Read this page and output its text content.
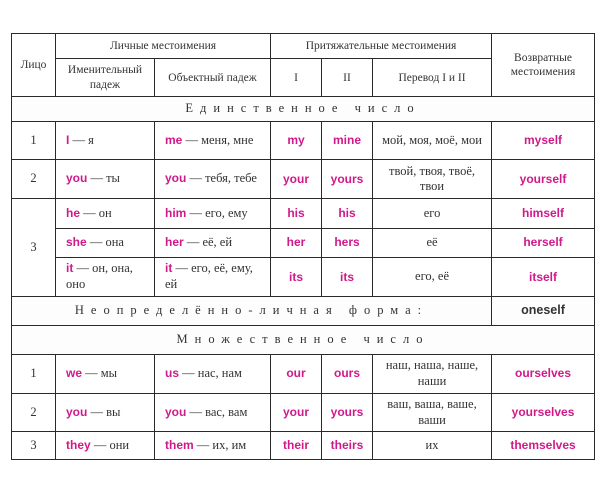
Лицо	Личные местоимения		Притяжательные местоимения			Возвратные местоимения
	Именительный падеж	Объектный падеж	I	II	Перевод I и II	
Единственное число						
1	I — я	me — меня, мне	my	mine	мой, моя, моё, мои	myself
2	you — ты	you — тебя, тебе	your	yours	твой, твоя, твоё, твои	yourself
3	he — он	him — его, ему	his	his	его	himself
	she — она	her — её, ей	her	hers	её	herself
	it — он, она, оно	it — его, её, ему, ей	its	its	его, её	itself
Неопределённо-личная форма:						oneself
Множественное число						
1	we — мы	us — нас, нам	our	ours	наш, наша, наше, наши	ourselves
2	you — вы	you — вас, вам	your	yours	ваш, ваша, ваше, ваши	yourselves
3	they — они	them — их, им	their	theirs	их	themselves
